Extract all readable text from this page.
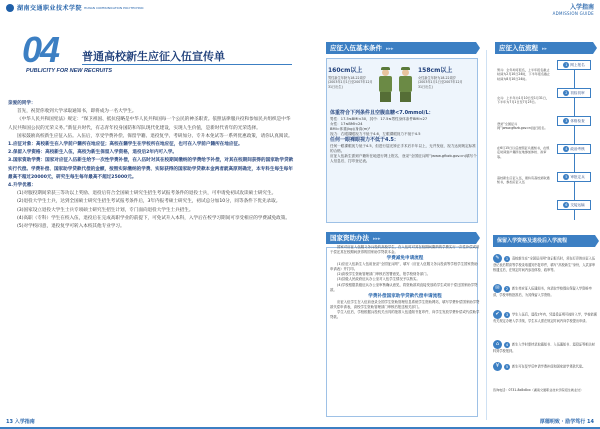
湖南交通职业技术学院 HUNAN COMMUNICATION POLYTECHNIC
04
PUBLICITY FOR NEW RECRUITS
普通高校新生应征入伍宣传单

亲爱的同学：

首先，祝贺你收到大学录取通知书，即将成为一名大学生。

《中华人民共和国宪法》规定：“保卫祖国、抵抗侵略是中华人民共和国每一个公民的神圣职责。依照法律服兵役和参加民兵组织是中华人民共和国公民的光荣义务。”新征兵时代，有志青年投身国防和军队现代化建设，实现人生价值，是新时代青年的光荣选择。

国家鼓励高校新生应征入伍。入伍后，享受学费补偿、保留学籍、退役复学、考研加分、专升本免试等一系列优惠政策，请你认真阅读。

1.应征对象：高校新生在入学前户籍所在地应征；高校在籍学生在学校所在地应征，也可在入学前户籍所在地应征。

2.保留入学资格：高校新生入伍，高校为新生保留入学资格，退役后2年内可入学。

3.国家资助学费：国家对应征入伍新生给予一次性学费补偿，在入伍时对其在校期间缴纳的学费给予补偿，对其在校期间获得的国家助学贷款实行代偿。学费补偿、国家助学贷款代偿的金额，按照实际缴纳的学费、实际获得的国家助学贷款本金两者就高原则确定，本专科生每生每年最高不超过20000元，研究生每生每年最高不超过25000元。

4.升学优惠：

(1)对服役期间荣获三等功以上奖励、退役后符合全国硕士研究生招生考试报考条件的退役士兵，可申请免初试攻读硕士研究生。

(2)退役大学生士兵，达到全国硕士研究生招生考试报考条件后，3年内报考硕士研究生，初试总分加10分，同等条件下优先录取。

(3)国家设立退役大学生士兵专项硕士研究生招生计划，专门面向退役大学生士兵招生。

(4)高职（专科）学生在校入伍，退役后在完成高职学业的前提下，可免试升入本科，入学后在校学习期间可享受相应的学费减免政策。

(5)对学校同意，退役复学可转入本校其他专业学习。

13 入学指南
入学指南
ADMISSION GUIDE
应征入伍基本条件 ▸▸▸
160cm以上
男性新生年龄为18-22周岁(2003年1月1日至2007年12月31日出生)
158cm以上
女性新生年龄为18-22周岁(2003年1月1日至2007年12月31日出生)
体重符合下列条件且空腹血糖<7.0mmol/L：
男性：17.5≤BMI<30，其中：17.5≤男性身体条件BMI<27
女性：17≤BMI<24
BMI=体重(kg)/身高(m)²
视力：右眼裸眼视力不低于4.6，左眼裸眼视力不低于4.5
任何一眼裸眼视力不低于4.5：
任何一眼裸眼视力低于4.5，但进行屈光矫正手术后半年以上，无并发症，视力达到规定标准的合格。
应征入伍新生需到户籍所在地进行网上报名，登录“全国征兵网”(www.gfbzb.gov.cn)填写个人信息后，打印登记表。
国家资助办法 ▸▸▸

国家对应征入伍服义务兵役的高校学生，在入伍时对其在校期间缴纳的学费实行一次性补偿或用于偿还其在校期间获得的国家助学贷款本金。

学费减免申请流程

(1)应征入伍新生入伍前登录“全国征兵网”，填写《应征入伍服义务兵役高等学校学生国家资助申请表》并打印。

(2)高校学生资助管理部门审核后签署意见，报学校财务部门。

(3)县级人民政府征兵办公室对入伍学生情况予以核实。

(4)学校根据县级征兵办公室审核确认意见，将资助款项直接发放给学生或用于偿还国家助学贷款。

学费补偿国家助学贷款代偿申请流程

应征入伍学生在入伍前登录全国学生资助管理信息系统学生资助网站，填写学费补偿国家助学贷款代偿申请表，高校学生资助管理部门审核后报送相关部门。

学生入伍后，学校根据兵役机关出具的批准入伍通知书复印件，向学生发放学费补偿或代偿助学贷款。

应征入伍流程 ▸▸
1 网上报名
2 初检初审
3 体格检查
4 政治考核
5 审批定兵
6 交接运输
男兵：全年均可报名，上半年报名截止时间为2月10日24时，下半年报名截止时间为8月10日24时。
女兵：上半年为1月10日至1月31日，下半年为7月1日至7月25日。
登录“全国征兵网”(www.gfbzb.gov.cn)进行报名。
在6月15日以后按照征兵通知书，在规定时间到户籍所在地参加体检、政审等。
高校新生应征入伍，须持有高校录取通知书，参加应征入伍
保留入学资格及退役后入学流程
✎ 1 高校新生在“全国征兵网”登记报名时，须在打印的应征入伍登记表后附高等学校录取通知书复印件，填写“高校新生”身份，人武部审核通过后，在规定时间内参加体检、政审等。
✉ 2 新生持应征入伍通知书，向录取学校提出保留入学资格申请，学校审核批准后，为其保留入学资格。
✔ 3 学生入伍后，退役2年内，凭退役证明可按时入学，学校依据有关规定办理入学手续，学生本人需在规定时间内向学校提出申请。
⌂ 4 新生入学时需持录取通知书、入伍通知书、退役证等相关材料到学校报到。
¥ 5 新生可在复学后申请学费补偿和国家助学贷款代偿。
咨询电话：0731-8x8x8xx（湖南交通职业技术学院招生就业处）
厚德明致 · 励学笃行 14
